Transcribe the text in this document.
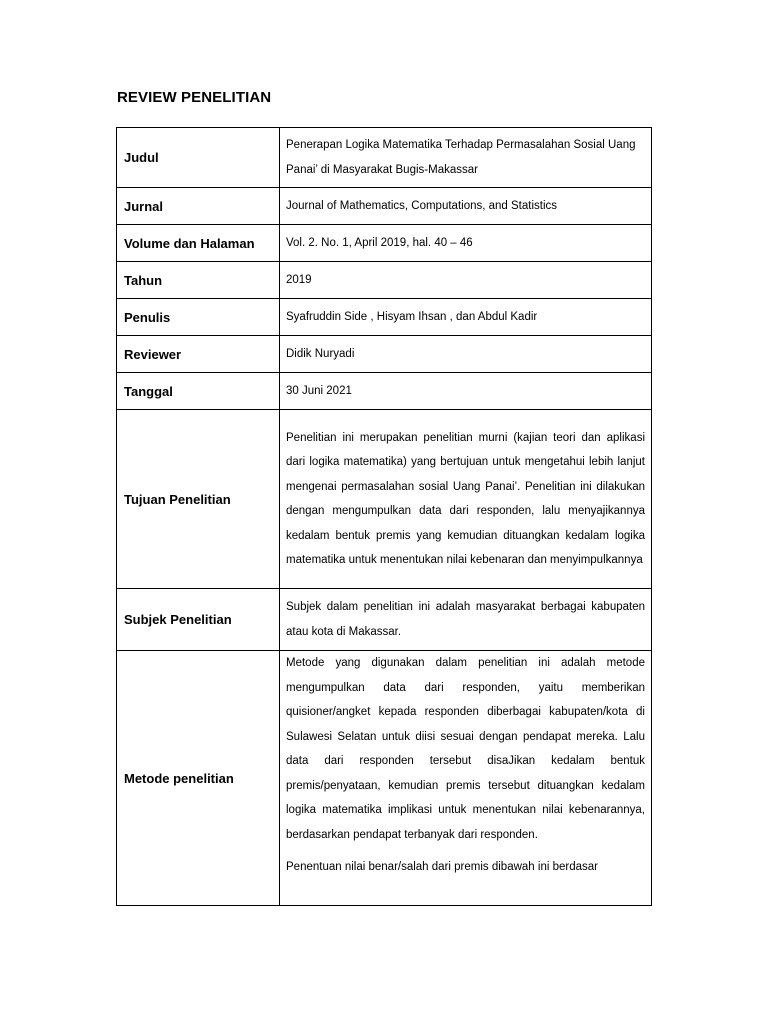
REVIEW PENELITIAN
Judul	Penerapan Logika Matematika Terhadap Permasalahan Sosial Uang Panai’ di Masyarakat Bugis-Makassar
Jurnal	Journal of Mathematics, Computations, and Statistics
Volume dan Halaman	Vol. 2. No. 1, April 2019, hal. 40 – 46
Tahun	2019
Penulis	Syafruddin Side , Hisyam Ihsan , dan Abdul Kadir
Reviewer	Didik Nuryadi
Tanggal	30 Juni 2021
Tujuan Penelitian	Penelitian ini merupakan penelitian murni (kajian teori dan aplikasi dari logika matematika) yang bertujuan untuk mengetahui lebih lanjut mengenai permasalahan sosial Uang Panai’. Penelitian ini dilakukan dengan mengumpulkan data dari responden, lalu menyajikannya kedalam bentuk premis yang kemudian dituangkan kedalam logika matematika untuk menentukan nilai kebenaran dan menyimpulkannya
Subjek Penelitian	Subjek dalam penelitian ini adalah masyarakat berbagai kabupaten atau kota di Makassar.
Metode penelitian	Metode yang digunakan dalam penelitian ini adalah metode mengumpulkan data dari responden, yaitu memberikan quisioner/angket kepada responden diberbagai kabupaten/kota di Sulawesi Selatan untuk diisi sesuai dengan pendapat mereka. Lalu data dari responden tersebut disaJikan kedalam bentuk premis/penyataan, kemudian premis tersebut dituangkan kedalam logika matematika implikasi untuk menentukan nilai kebenarannya, berdasarkan pendapat terbanyak dari responden.
Penentuan nilai benar/salah dari premis dibawah ini berdasar
